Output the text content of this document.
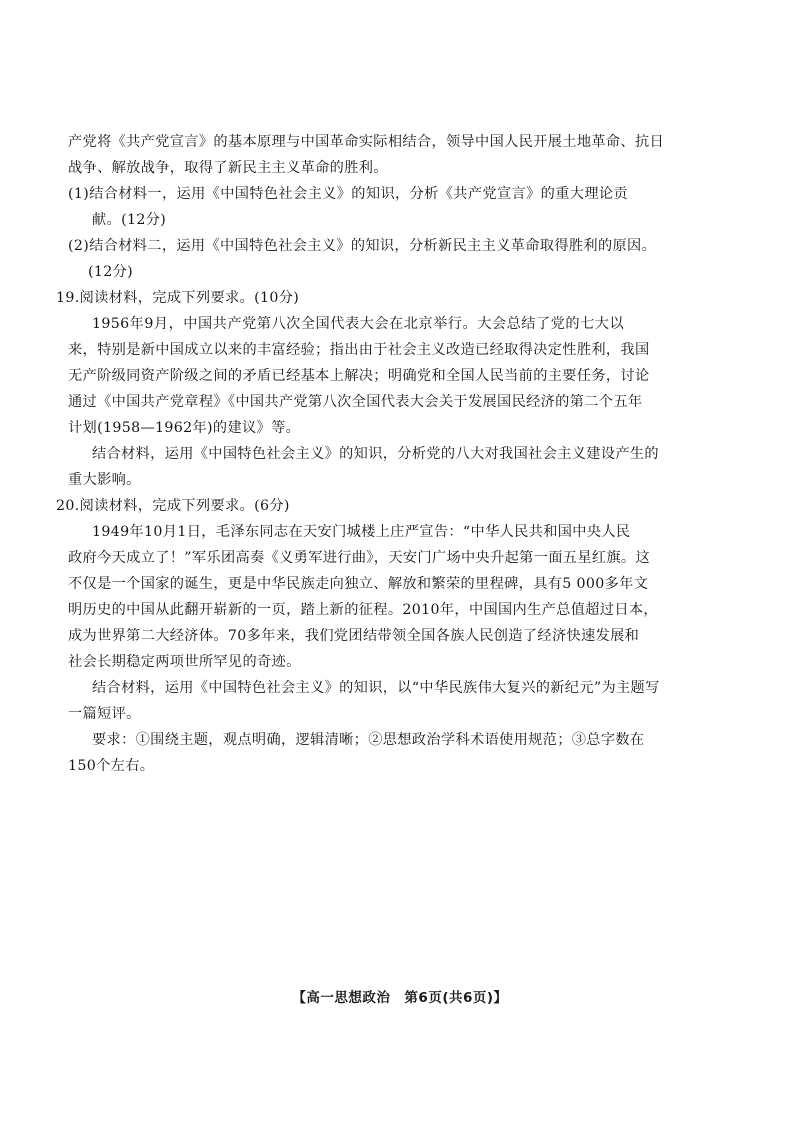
产党将《共产党宣言》的基本原理与中国革命实际相结合，领导中国人民开展土地革命、抗日
战争、解放战争，取得了新民主主义革命的胜利。
(1)结合材料一，运用《中国特色社会主义》的知识，分析《共产党宣言》的重大理论贡
献。(12分)
(2)结合材料二，运用《中国特色社会主义》的知识，分析新民主主义革命取得胜利的原因。
(12分)
19.阅读材料，完成下列要求。(10分)
1956年9月，中国共产党第八次全国代表大会在北京举行。大会总结了党的七大以
来，特别是新中国成立以来的丰富经验；指出由于社会主义改造已经取得决定性胜利，我国
无产阶级同资产阶级之间的矛盾已经基本上解决；明确党和全国人民当前的主要任务，讨论
通过《中国共产党章程》《中国共产党第八次全国代表大会关于发展国民经济的第二个五年
计划(1958—1962年)的建议》等。
结合材料，运用《中国特色社会主义》的知识，分析党的八大对我国社会主义建设产生的
重大影响。
20.阅读材料，完成下列要求。(6分)
1949年10月1日，毛泽东同志在天安门城楼上庄严宣告：“中华人民共和国中央人民
政府今天成立了！”军乐团高奏《义勇军进行曲》，天安门广场中央升起第一面五星红旗。这
不仅是一个国家的诞生，更是中华民族走向独立、解放和繁荣的里程碑，具有5 000多年文
明历史的中国从此翻开崭新的一页，踏上新的征程。2010年，中国国内生产总值超过日本，
成为世界第二大经济体。70多年来，我们党团结带领全国各族人民创造了经济快速发展和
社会长期稳定两项世所罕见的奇迹。
结合材料，运用《中国特色社会主义》的知识，以“中华民族伟大复兴的新纪元”为主题写
一篇短评。
要求：①围绕主题，观点明确，逻辑清晰；②思想政治学科术语使用规范；③总字数在
150个左右。
【高一思想政治　第6页(共6页)】
